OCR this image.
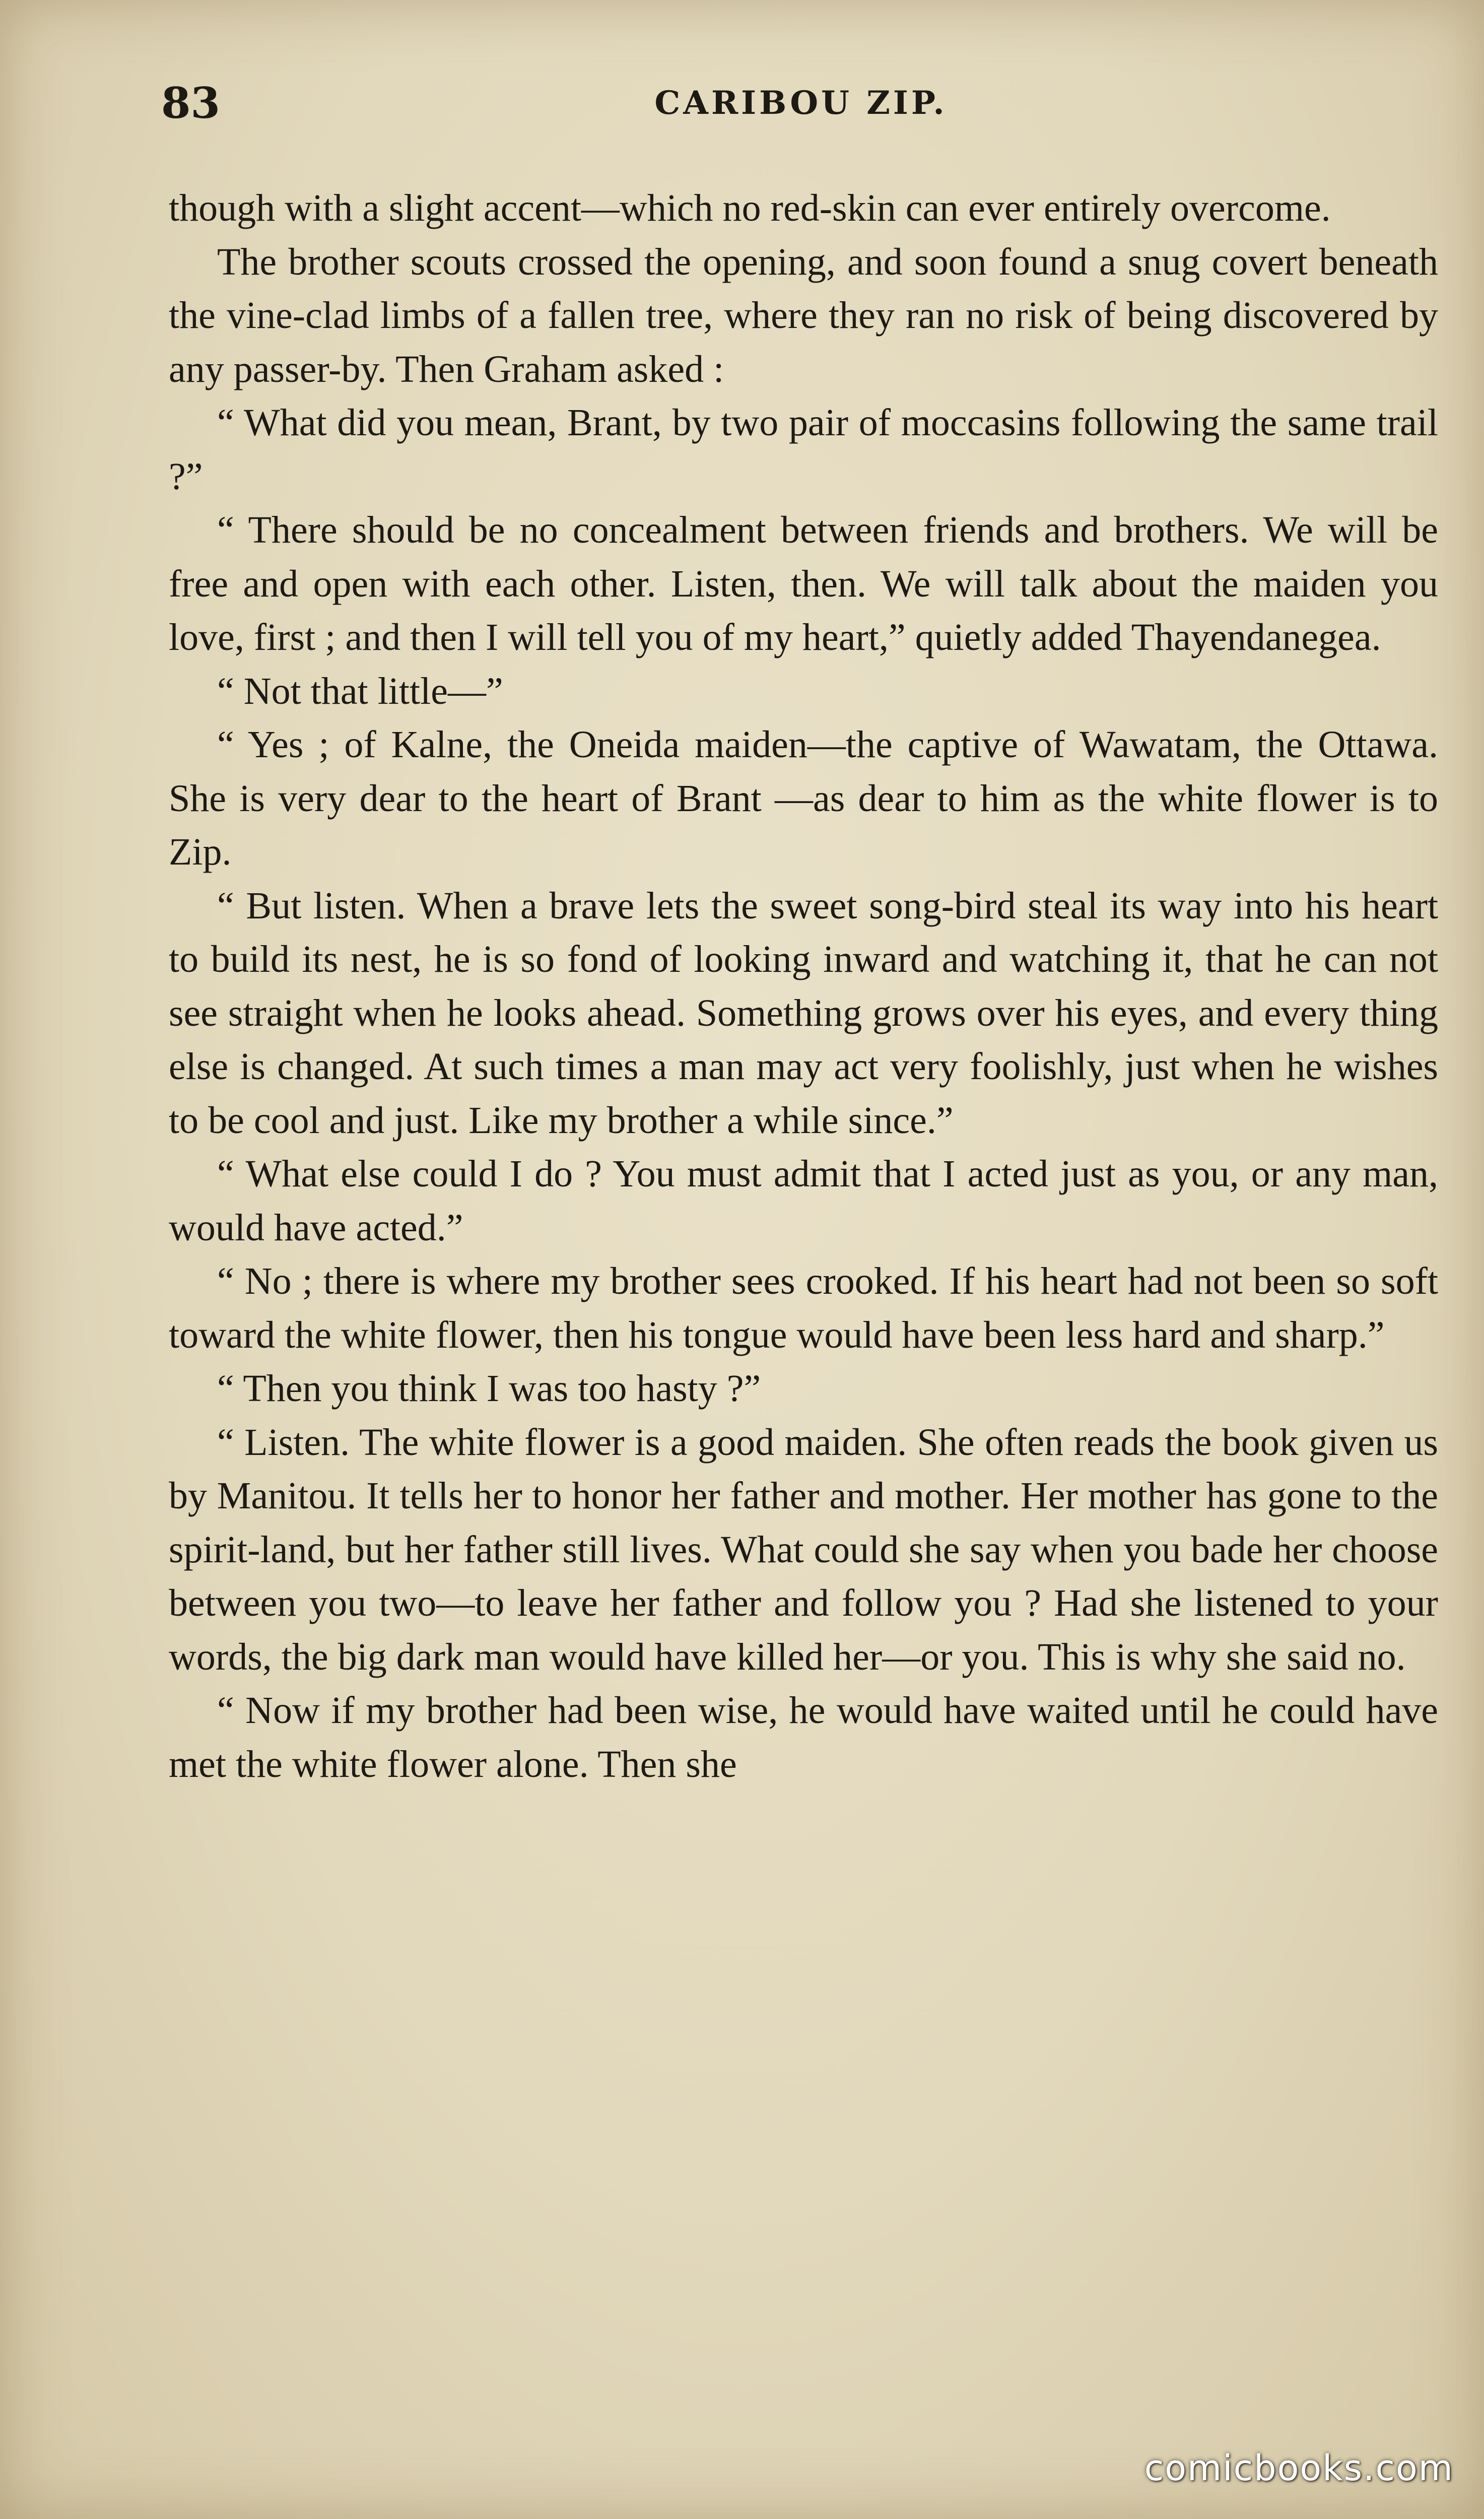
83	CARIBOU ZIP.

though with a slight accent—which no red-skin can ever entirely overcome.

The brother scouts crossed the opening, and soon found a snug covert beneath the vine-clad limbs of a fallen tree, where they ran no risk of being discovered by any passer-by. Then Graham asked :

“ What did you mean, Brant, by two pair of moccasins following the same trail ?”

“ There should be no concealment between friends and brothers. We will be free and open with each other. Listen, then. We will talk about the maiden you love, first ; and then I will tell you of my heart,” quietly added Thayendanegea.

“ Not that little—”

“ Yes ; of Kalne, the Oneida maiden—the captive of Wawatam, the Ottawa. She is very dear to the heart of Brant —as dear to him as the white flower is to Zip.

“ But listen. When a brave lets the sweet song-bird steal its way into his heart to build its nest, he is so fond of looking inward and watching it, that he can not see straight when he looks ahead. Something grows over his eyes, and every thing else is changed. At such times a man may act very foolishly, just when he wishes to be cool and just. Like my brother a while since.”

“ What else could I do ? You must admit that I acted just as you, or any man, would have acted.”

“ No ; there is where my brother sees crooked. If his heart had not been so soft toward the white flower, then his tongue would have been less hard and sharp.”

“ Then you think I was too hasty ?”

“ Listen. The white flower is a good maiden. She often reads the book given us by Manitou. It tells her to honor her father and mother. Her mother has gone to the spirit-land, but her father still lives. What could she say when you bade her choose between you two—to leave her father and follow you ? Had she listened to your words, the big dark man would have killed her—or you. This is why she said no.

“ Now if my brother had been wise, he would have waited until he could have met the white flower alone. Then she

comicbooks.com
